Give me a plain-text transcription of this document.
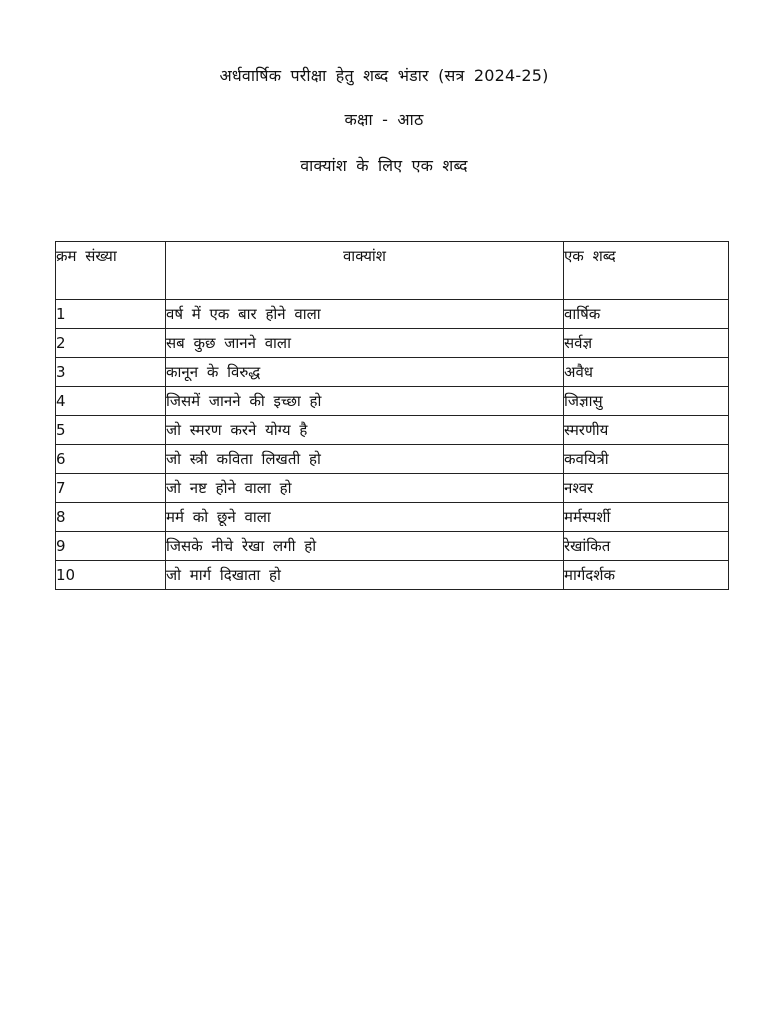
अर्धवार्षिक परीक्षा हेतु शब्द भंडार (सत्र 2024-25)
कक्षा - आठ
वाक्यांश के लिए एक शब्द
क्रम संख्या	वाक्यांश	एक शब्द
1	वर्ष में एक बार होने वाला	वार्षिक
2	सब कुछ जानने वाला	सर्वज्ञ
3	कानून के विरुद्ध	अवैध
4	जिसमें जानने की इच्छा हो	जिज्ञासु
5	जो स्मरण करने योग्य है	स्मरणीय
6	जो स्त्री कविता लिखती हो	कवयित्री
7	जो नष्ट होने वाला हो	नश्वर
8	मर्म को छूने वाला	मर्मस्पर्शी
9	जिसके नीचे रेखा लगी हो	रेखांकित
10	जो मार्ग दिखाता हो	मार्गदर्शक
